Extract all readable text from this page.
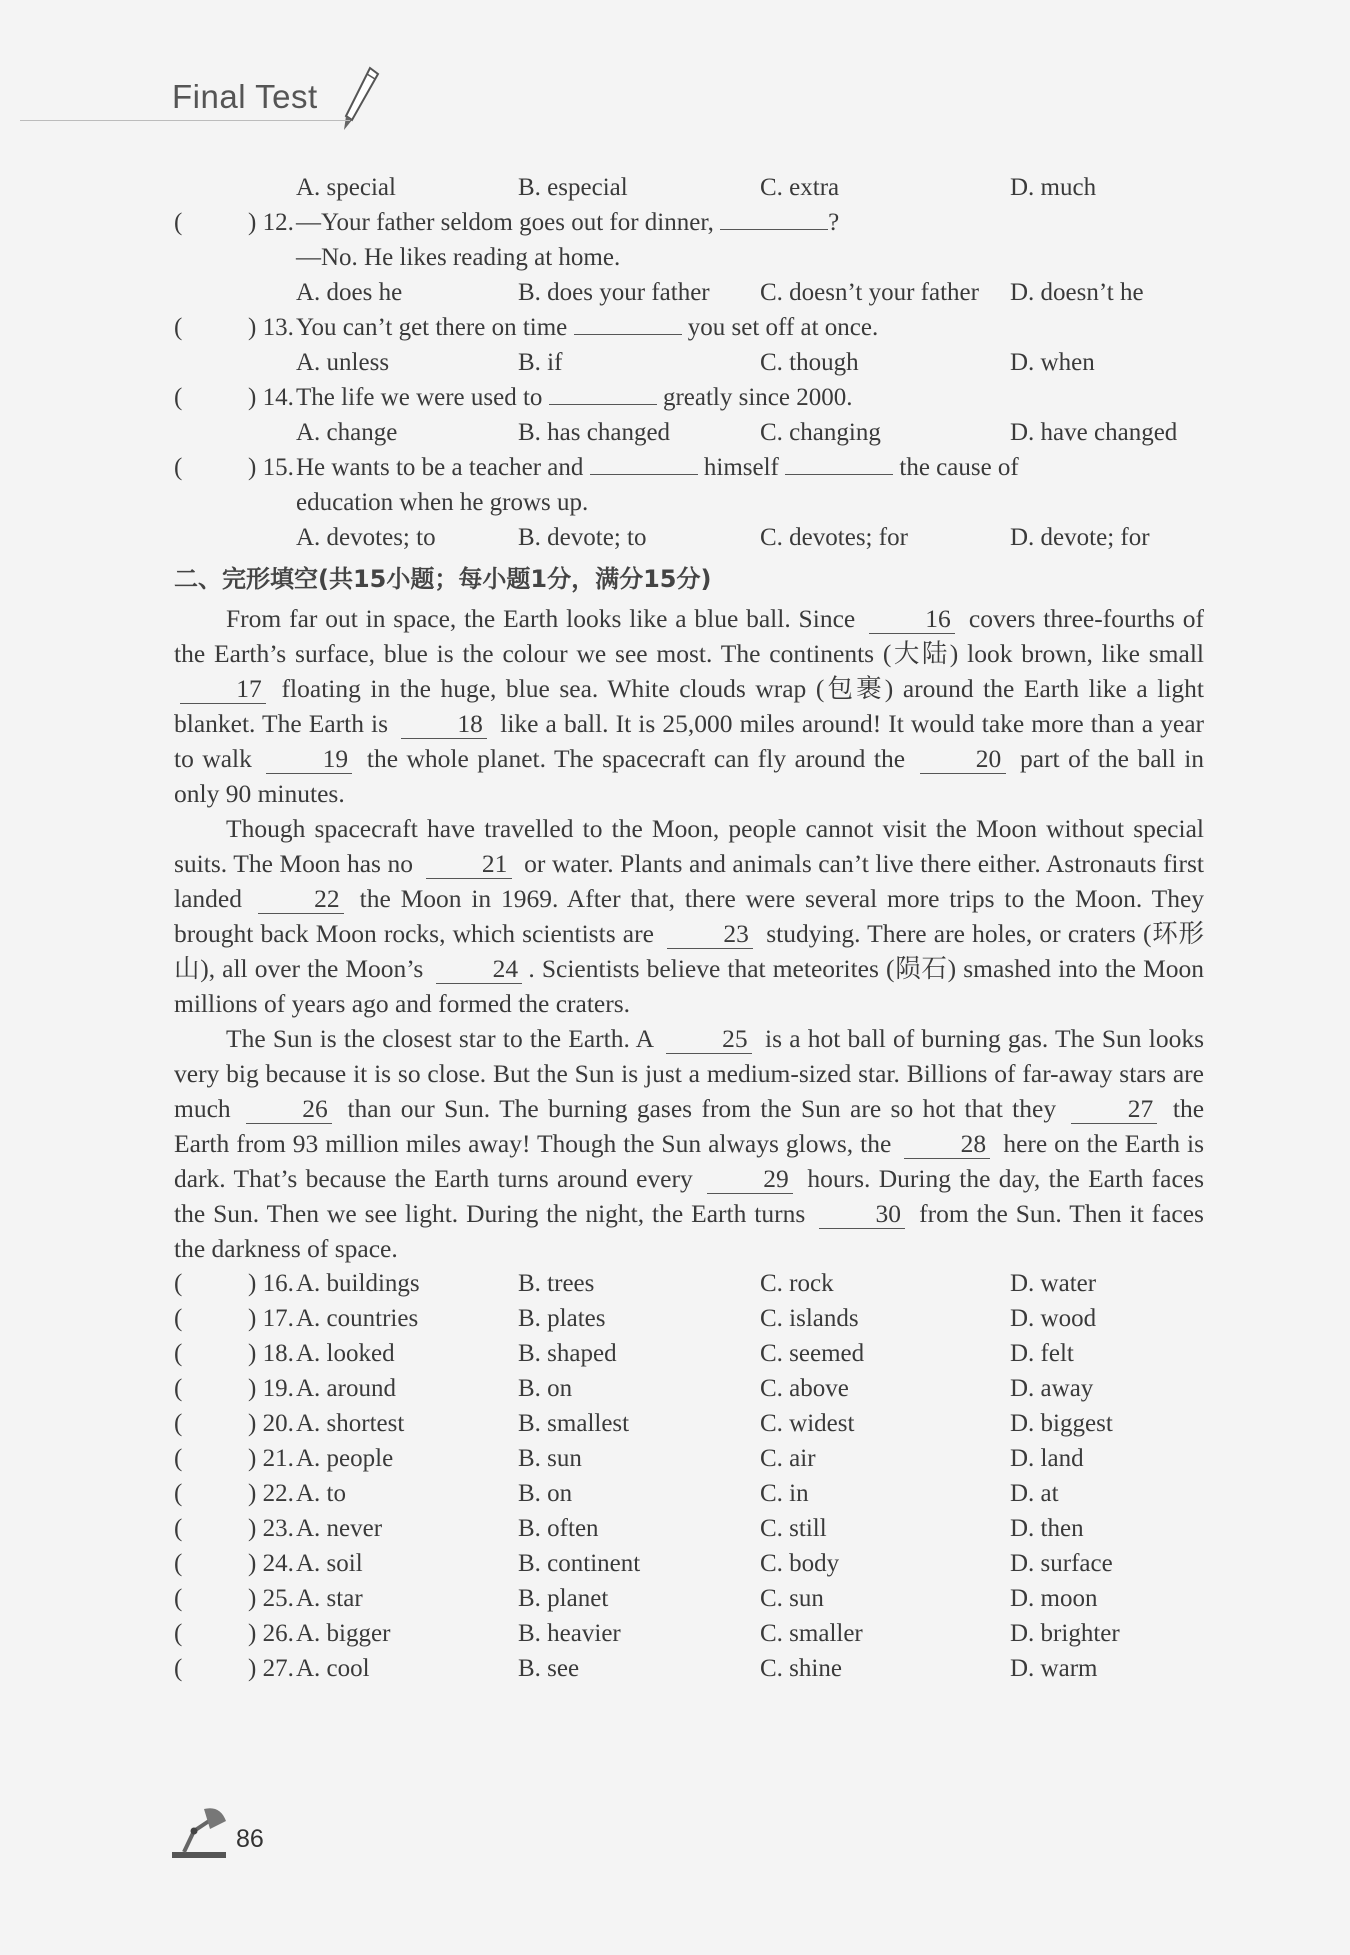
Final Test
A. special	B. especial	C. extra	D. much
(	) 12. —Your father seldom goes out for dinner,	?
—No. He likes reading at home.
A. does he	B. does your father C. doesn’t your father D. doesn’t he
(	) 13. You can’t get there on time	you set off at once.
A. unless	B. if	C. though	D. when
(	) 14. The life we were used to	greatly since 2000.
A. change	B. has changed	C. changing	D. have changed
(	) 15. He wants to be a teacher and	himself	the cause of
education when he grows up.
A. devotes; to	B. devote; to	C. devotes; for	D. devote; for
二、完形填空(共15小题；每小题1分，满分15分)
From far out in space, the Earth looks like a blue ball. Since	16 covers three-fourths of the Earth’s surface, blue is the colour we see most. The continents (大陆) look brown, like small 17 floating in the huge, blue sea. White clouds wrap (包裹) around the Earth like a light blanket. The Earth is	18 like a ball. It is 25,000 miles around! It would take more than a year to walk	19 the whole planet. The spacecraft can fly around the	20 part of the ball in only 90 minutes.
Though spacecraft have travelled to the Moon, people cannot visit the Moon without special suits. The Moon has no	21 or water. Plants and animals can’t live there either. Astronauts first landed	22 the Moon in 1969. After that, there were several more trips to the Moon. They brought back Moon rocks, which scientists are	23 studying. There are holes, or craters (环形山), all over the Moon’s	24 . Scientists believe that meteorites (陨石) smashed into the Moon millions of years ago and formed the craters.
The Sun is the closest star to the Earth. A	25 is a hot ball of burning gas. The Sun looks very big because it is so close. But the Sun is just a medium-sized star. Billions of far-away stars are much	26 than our Sun. The burning gases from the Sun are so hot that they	27 the Earth from 93 million miles away! Though the Sun always glows, the	28 here on the Earth is dark. That’s because the Earth turns around every	29 hours. During the day, the Earth faces the Sun. Then we see light. During the night, the Earth turns	30 from the Sun. Then it faces the darkness of space.
(	) 16. A. buildings	B. trees	C. rock	D. water
(	) 17. A. countries	B. plates	C. islands	D. wood
(	) 18. A. looked	B. shaped	C. seemed	D. felt
(	) 19. A. around	B. on	C. above	D. away
(	) 20. A. shortest	B. smallest	C. widest	D. biggest
(	) 21. A. people	B. sun	C. air	D. land
(	) 22. A. to	B. on	C. in	D. at
(	) 23. A. never	B. often	C. still	D. then
(	) 24. A. soil	B. continent	C. body	D. surface
(	) 25. A. star	B. planet	C. sun	D. moon
(	) 26. A. bigger	B. heavier	C. smaller	D. brighter
(	) 27. A. cool	B. see	C. shine	D. warm
86
